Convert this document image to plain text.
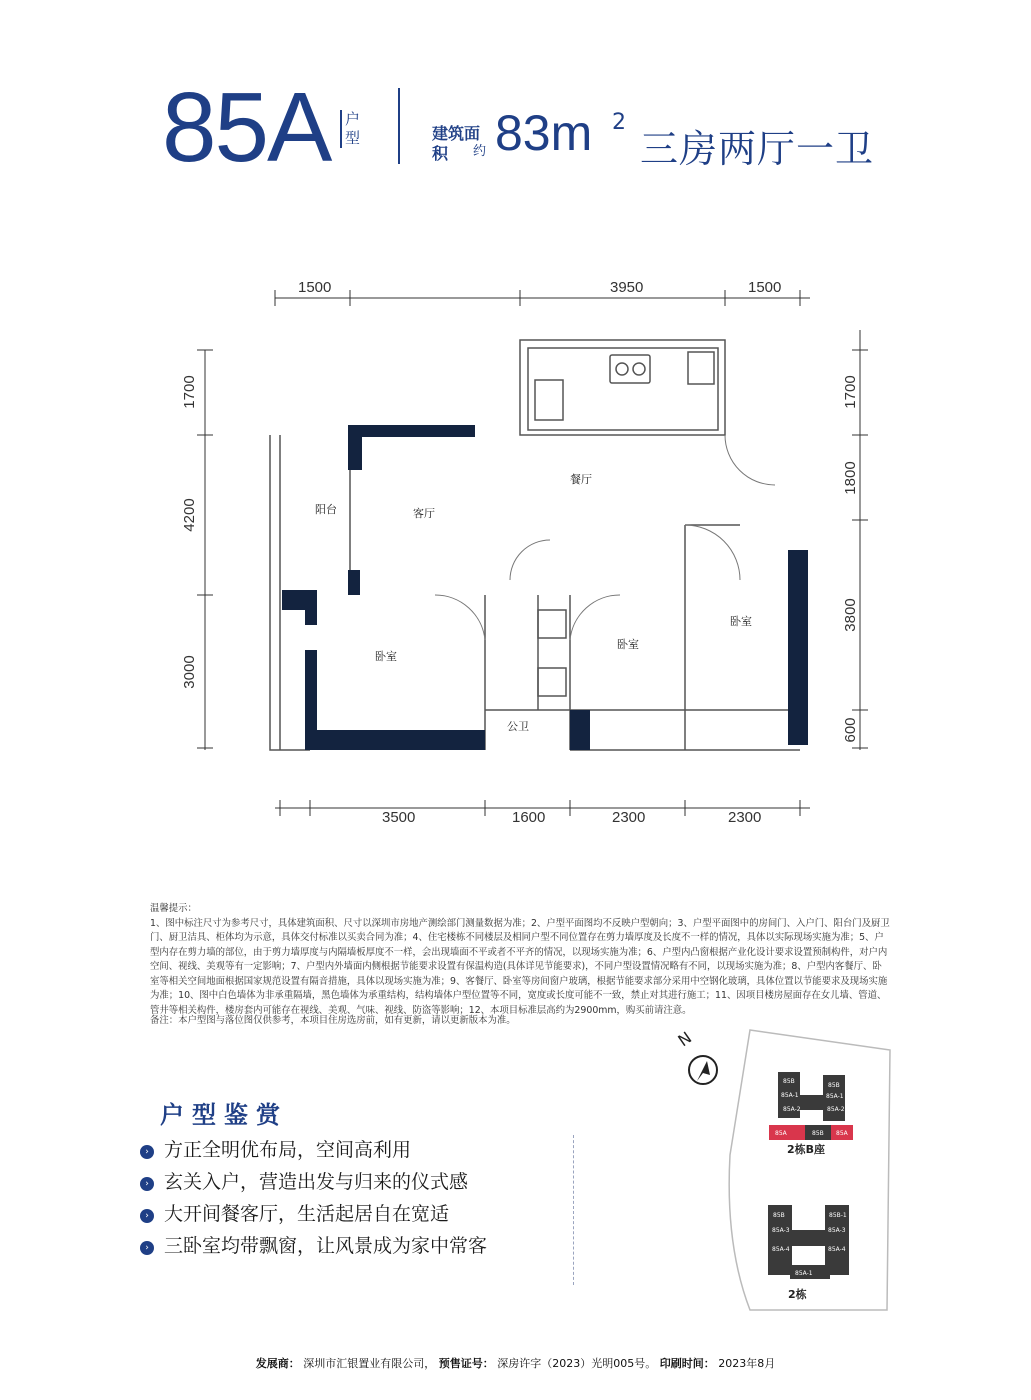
85A 户型	建筑面积	约 83m 2
三房两厅一卫
1500	3950	1500
3500	1600	2300	2300
1700
4200
3000
1700
1800
3800
600
阳台	客厅
餐厅
卧室
卧室
卧室
公卫
温馨提示：
1、图中标注尺寸为参考尺寸，具体建筑面积、尺寸以深圳市房地产测绘部门测量数据为准；2、户型平面图均不反映户型朝向；3、户型平面图中的房间门、入户门、阳台门及厨卫门、厨卫洁具、柜体均为示意，具体交付标准以买卖合同为准；4、住宅楼栋不同楼层及相同户型不同位置存在剪力墙厚度及长度不一样的情况，具体以实际现场实施为准；5、户型内存在剪力墙的部位，由于剪力墙厚度与内隔墙板厚度不一样，会出现墙面不平或者不平齐的情况，以现场实施为准；6、户型内凸窗根据产业化设计要求设置预制构件，对户内空间、视线、美观等有一定影响；7、户型内外墙面内侧根据节能要求设置有保温构造(具体详见节能要求)，不同户型设置情况略有不同，以现场实施为准；8、户型内客餐厅、卧室等相关空间地面根据国家规范设置有隔音措施，具体以现场实施为准；9、客餐厅、卧室等房间窗户玻璃，根据节能要求部分采用中空钢化玻璃，具体位置以节能要求及现场实施为准；10、图中白色墙体为非承重隔墙，黑色墙体为承重结构，结构墙体户型位置等不同，宽度或长度可能不一致，禁止对其进行施工；11、因项目楼房屋面存在女儿墙、管道、管井等相关构件，楼房套内可能存在视线、美观、气味、视线、防盗等影响；12、本项目标准层高约为2900mm，购买前请注意。
备注：本户型图与落位图仅供参考，本项目住房选房前，如有更新，请以更新版本为准。
户型鉴赏
› 方正全明优布局，空间高利用
› 玄关入户，营造出发与归来的仪式感
› 大开间餐客厅，生活起居自在宽适
› 三卧室均带飘窗，让风景成为家中常客
N
85B
85B
85A-1
85A-2	85A-2
85A-1
85A	85B 85A
2栋B座
85B	85B-1
85A-3
85A-4	85A-4
85A-3
85A-1
2栋
发展商： 深圳市汇银置业有限公司， 预售证号： 深房许字（2023）光明005号。 印刷时间： 2023年8月
